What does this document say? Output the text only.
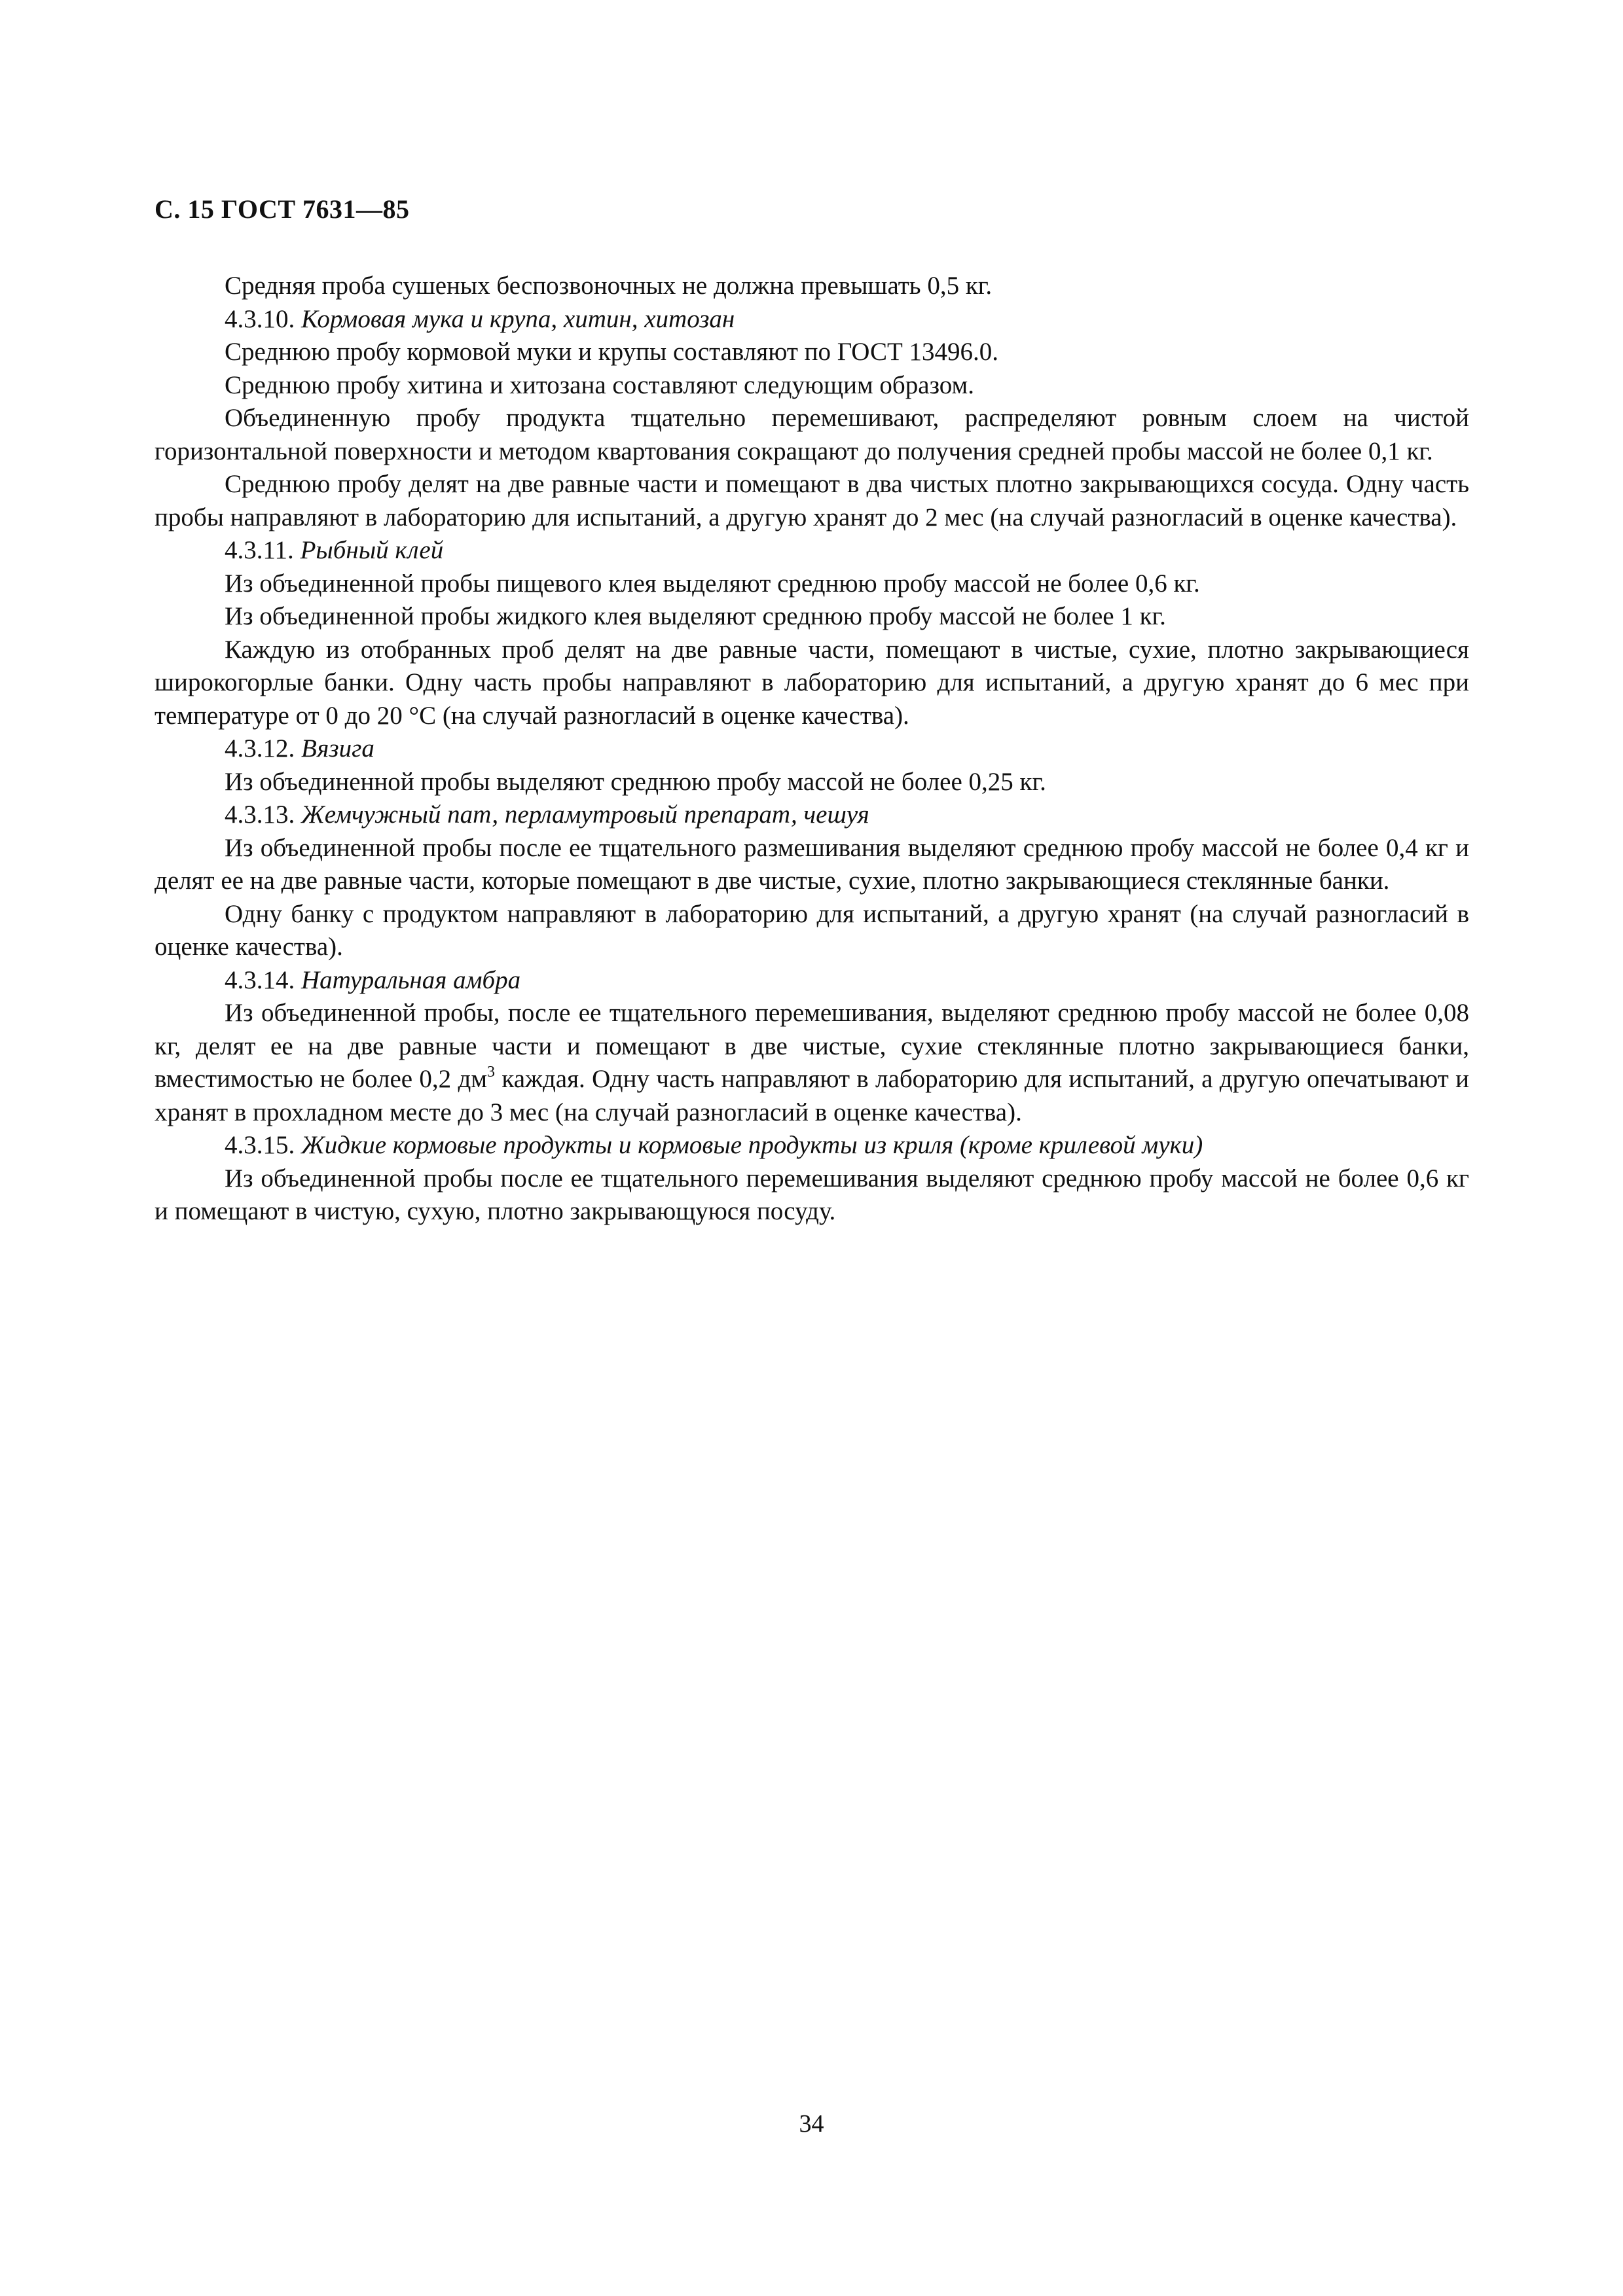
С. 15 ГОСТ 7631—85

Средняя проба сушеных беспозвоночных не должна превышать 0,5 кг.

4.3.10. Кормовая мука и крупа, хитин, хитозан

Среднюю пробу кормовой муки и крупы составляют по ГОСТ 13496.0.

Среднюю пробу хитина и хитозана составляют следующим образом.

Объединенную пробу продукта тщательно перемешивают, распределяют ровным слоем на чистой горизонтальной поверхности и методом квартования сокращают до получения средней пробы массой не более 0,1 кг.

Среднюю пробу делят на две равные части и помещают в два чистых плотно закрывающихся сосуда. Одну часть пробы направляют в лабораторию для испытаний, а другую хранят до 2 мес (на случай разногласий в оценке качества).

4.3.11. Рыбный клей

Из объединенной пробы пищевого клея выделяют среднюю пробу массой не более 0,6 кг.

Из объединенной пробы жидкого клея выделяют среднюю пробу массой не более 1 кг.

Каждую из отобранных проб делят на две равные части, помещают в чистые, сухие, плотно закрывающиеся широкогорлые банки. Одну часть пробы направляют в лабораторию для испытаний, а другую хранят до 6 мес при температуре от 0 до 20 °С (на случай разногласий в оценке качества).

4.3.12. Вязига

Из объединенной пробы выделяют среднюю пробу массой не более 0,25 кг.

4.3.13. Жемчужный пат, перламутровый препарат, чешуя

Из объединенной пробы после ее тщательного размешивания выделяют среднюю пробу массой не более 0,4 кг и делят ее на две равные части, которые помещают в две чистые, сухие, плотно закрывающиеся стеклянные банки.

Одну банку с продуктом направляют в лабораторию для испытаний, а другую хранят (на случай разногласий в оценке качества).

4.3.14. Натуральная амбра

Из объединенной пробы, после ее тщательного перемешивания, выделяют среднюю пробу массой не более 0,08 кг, делят ее на две равные части и помещают в две чистые, сухие стеклянные плотно закрывающиеся банки, вместимостью не более 0,2 $дм^3$ каждая. Одну часть направляют в лабораторию для испытаний, а другую опечатывают и хранят в прохладном месте до 3 мес (на случай разногласий в оценке качества).

4.3.15. Жидкие кормовые продукты и кормовые продукты из криля (кроме крилевой муки)

Из объединенной пробы после ее тщательного перемешивания выделяют среднюю пробу массой не более 0,6 кг и помещают в чистую, сухую, плотно закрывающуюся посуду.

34
